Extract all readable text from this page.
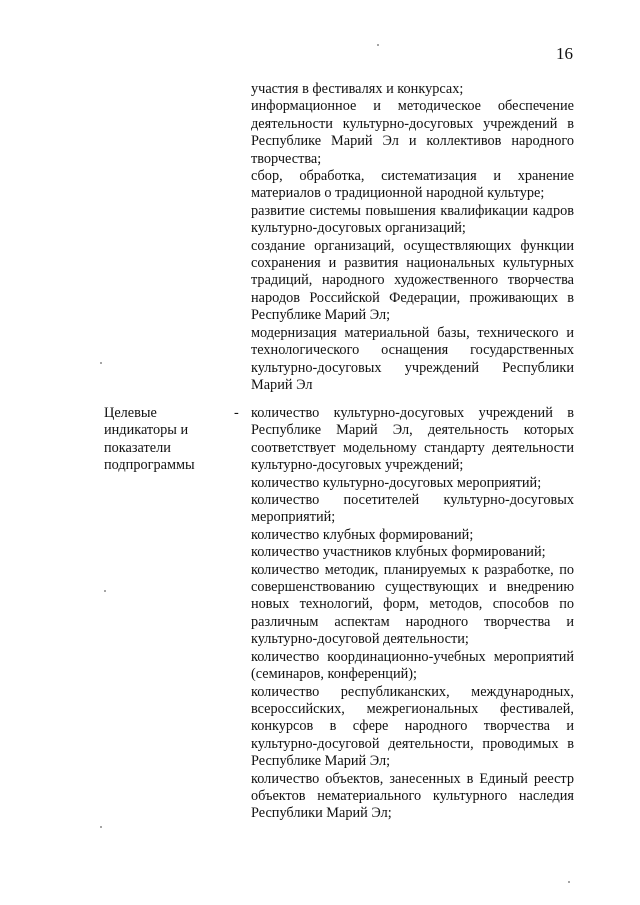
16

участия в фестивалях и конкурсах;

информационное и методическое обеспечение деятельности культурно-досуговых учреждений в Республике Марий Эл и коллективов народного творчества;

сбор, обработка, систематизация и хранение материалов о традиционной народной культуре;

развитие системы повышения квалификации кадров культурно-досуговых организаций;

создание организаций, осуществляющих функции сохранения и развития национальных культурных традиций, народного художественного творчества народов Российской Федерации, проживающих в Республике Марий Эл;

модернизация материальной базы, технического и технологического оснащения государственных культурно-досуговых учреждений Республики Марий Эл

Целевые индикаторы и показатели подпрограммы
- количество культурно-досуговых учреждений в Республике Марий Эл, деятельность которых соответствует модельному стандарту деятельности культурно-досуговых учреждений;

количество культурно-досуговых мероприятий;

количество посетителей культурно-досуговых мероприятий;

количество клубных формирований;

количество участников клубных формирований;

количество методик, планируемых к разработке, по совершенствованию существующих и внедрению новых технологий, форм, методов, способов по различным аспектам народного творчества и культурно-досуговой деятельности;

количество координационно-учебных мероприятий (семинаров, конференций);

количество республиканских, международных, всероссийских, межрегиональных фестивалей, конкурсов в сфере народного творчества и культурно-досуговой деятельности, проводимых в Республике Марий Эл;

количество объектов, занесенных в Единый реестр объектов нематериального культурного наследия Республики Марий Эл;
